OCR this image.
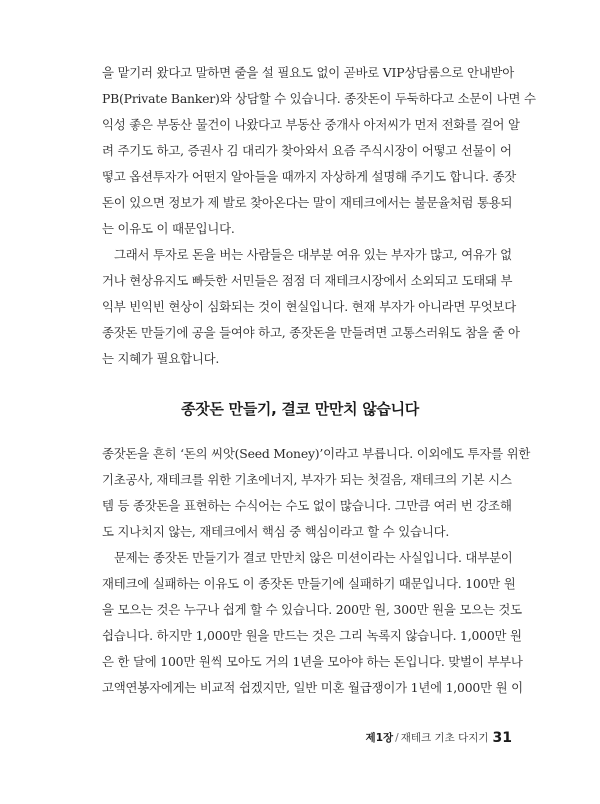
을 맡기러 왔다고 말하면 줄을 설 필요도 없이 곧바로 VIP상담룸으로 안내받아
PB(Private Banker)와 상담할 수 있습니다. 종잣돈이 두둑하다고 소문이 나면 수
익성 좋은 부동산 물건이 나왔다고 부동산 중개사 아저씨가 먼저 전화를 걸어 알
려 주기도 하고, 증권사 김 대리가 찾아와서 요즘 주식시장이 어떻고 선물이 어
떻고 옵션투자가 어떤지 알아들을 때까지 자상하게 설명해 주기도 합니다. 종잣
돈이 있으면 정보가 제 발로 찾아온다는 말이 재테크에서는 불문율처럼 통용되
는 이유도 이 때문입니다.
그래서 투자로 돈을 버는 사람들은 대부분 여유 있는 부자가 많고, 여유가 없
거나 현상유지도 빠듯한 서민들은 점점 더 재테크시장에서 소외되고 도태돼 부
익부 빈익빈 현상이 심화되는 것이 현실입니다. 현재 부자가 아니라면 무엇보다
종잣돈 만들기에 공을 들여야 하고, 종잣돈을 만들려면 고통스러워도 참을 줄 아
는 지혜가 필요합니다.
종잣돈 만들기, 결코 만만치 않습니다
종잣돈을 흔히 ‘돈의 씨앗(Seed Money)’이라고 부릅니다. 이외에도 투자를 위한
기초공사, 재테크를 위한 기초에너지, 부자가 되는 첫걸음, 재테크의 기본 시스
템 등 종잣돈을 표현하는 수식어는 수도 없이 많습니다. 그만큼 여러 번 강조해
도 지나치지 않는, 재테크에서 핵심 중 핵심이라고 할 수 있습니다.
문제는 종잣돈 만들기가 결코 만만치 않은 미션이라는 사실입니다. 대부분이
재테크에 실패하는 이유도 이 종잣돈 만들기에 실패하기 때문입니다. 100만 원
을 모으는 것은 누구나 쉽게 할 수 있습니다. 200만 원, 300만 원을 모으는 것도
쉽습니다. 하지만 1,000만 원을 만드는 것은 그리 녹록지 않습니다. 1,000만 원
은 한 달에 100만 원씩 모아도 거의 1년을 모아야 하는 돈입니다. 맞벌이 부부나
고액연봉자에게는 비교적 쉽겠지만, 일반 미혼 월급쟁이가 1년에 1,000만 원 이
제1장 / 재테크 기초 다지기 31
